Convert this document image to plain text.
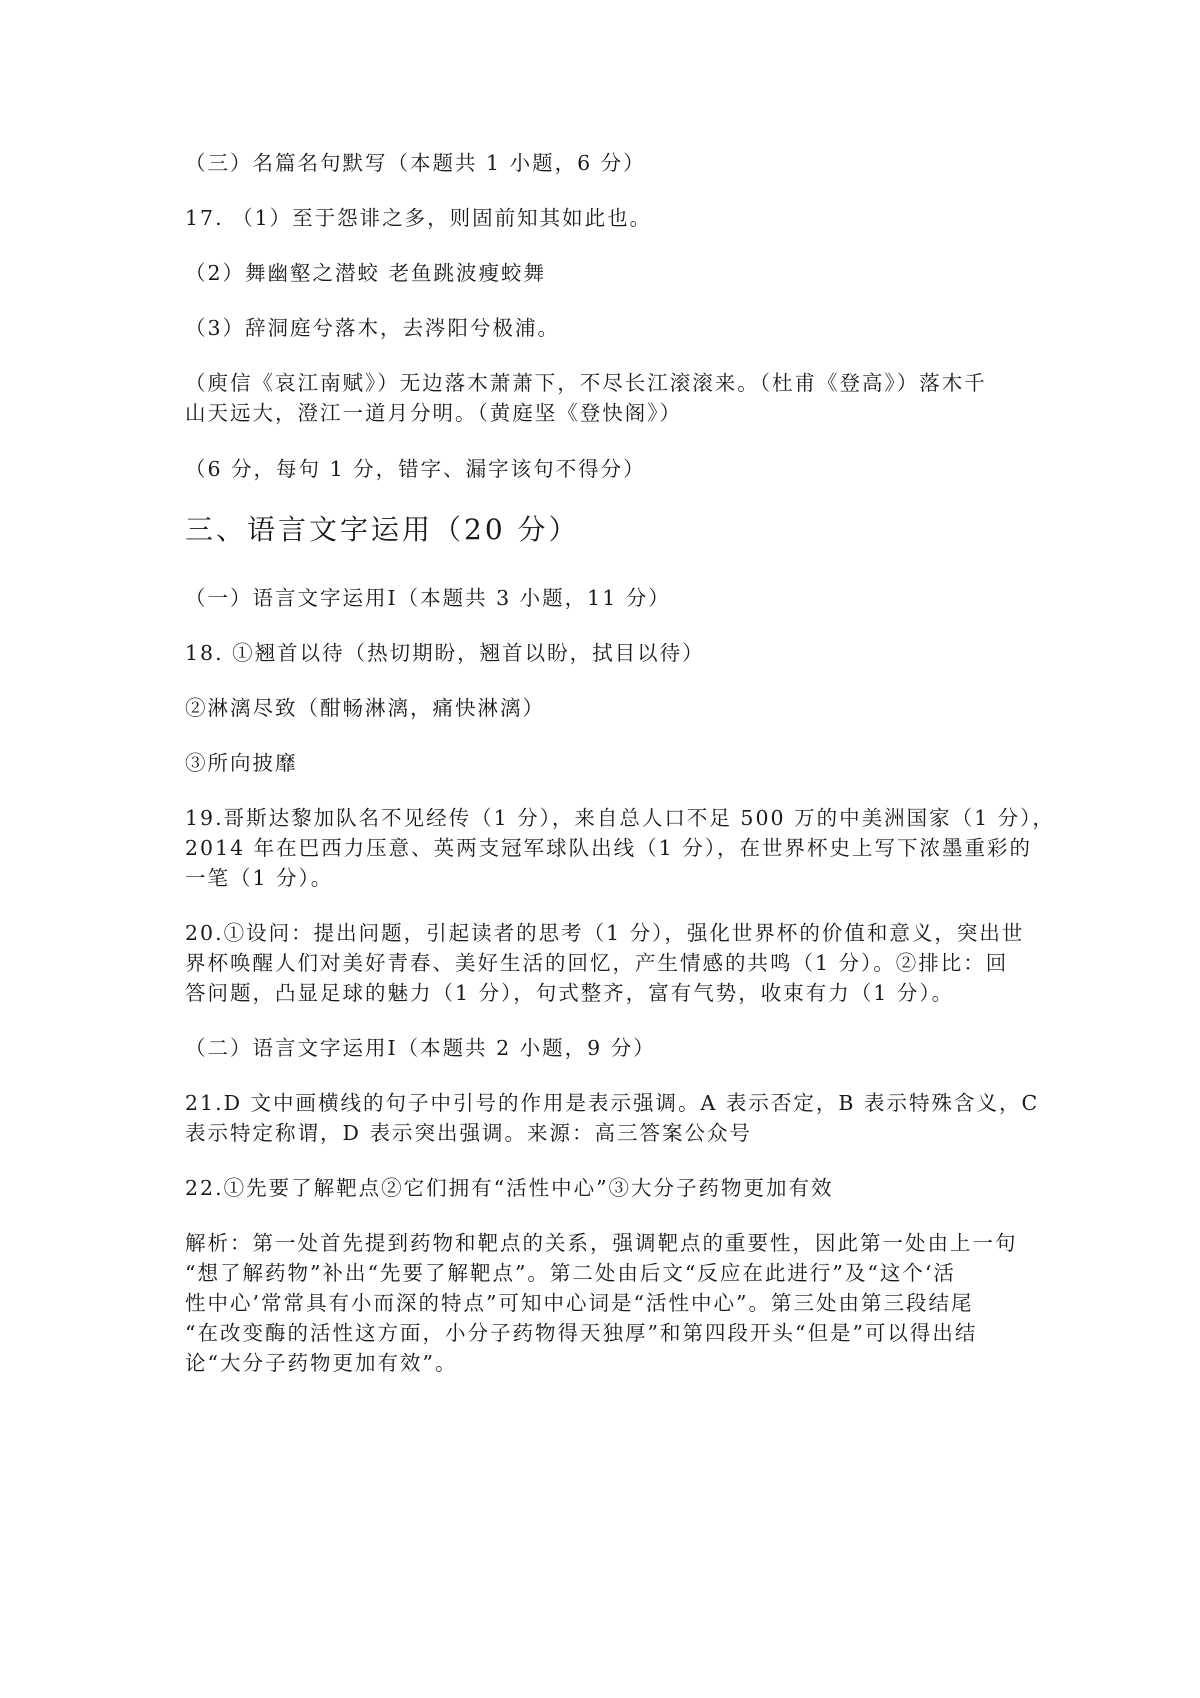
（三）名篇名句默写（本题共 1 小题，6 分）
17. （1）至于怨诽之多，则固前知其如此也。
（2）舞幽壑之潜蛟 老鱼跳波瘦蛟舞
（3）辞洞庭兮落木，去涔阳兮极浦。
（庾信《哀江南赋》）无边落木萧萧下，不尽长江滚滚来。（杜甫《登高》）落木千
山天远大，澄江一道月分明。（黄庭坚《登快阁》）
（6 分，每句 1 分，错字、漏字该句不得分）
三、语言文字运用（20 分）
（一）语言文字运用Ⅰ（本题共 3 小题，11 分）
18. ①翘首以待（热切期盼，翘首以盼，拭目以待）
②淋漓尽致（酣畅淋漓，痛快淋漓）
③所向披靡
19.哥斯达黎加队名不见经传（1 分），来自总人口不足 500 万的中美洲国家（1 分），
2014 年在巴西力压意、英两支冠军球队出线（1 分），在世界杯史上写下浓墨重彩的
一笔（1 分）。
20.①设问：提出问题，引起读者的思考（1 分），强化世界杯的价值和意义，突出世
界杯唤醒人们对美好青春、美好生活的回忆，产生情感的共鸣（1 分）。②排比：回
答问题，凸显足球的魅力（1 分），句式整齐，富有气势，收束有力（1 分）。
（二）语言文字运用Ⅰ（本题共 2 小题，9 分）
21.D 文中画横线的句子中引号的作用是表示强调。A 表示否定，B 表示特殊含义，C
表示特定称谓，D 表示突出强调。来源：高三答案公众号
22.①先要了解靶点②它们拥有“活性中心”③大分子药物更加有效
解析：第一处首先提到药物和靶点的关系，强调靶点的重要性，因此第一处由上一句
“想了解药物”补出“先要了解靶点”。第二处由后文“反应在此进行”及“这个‘活
性中心’常常具有小而深的特点”可知中心词是“活性中心”。第三处由第三段结尾
“在改变酶的活性这方面，小分子药物得天独厚”和第四段开头“但是”可以得出结
论“大分子药物更加有效”。
